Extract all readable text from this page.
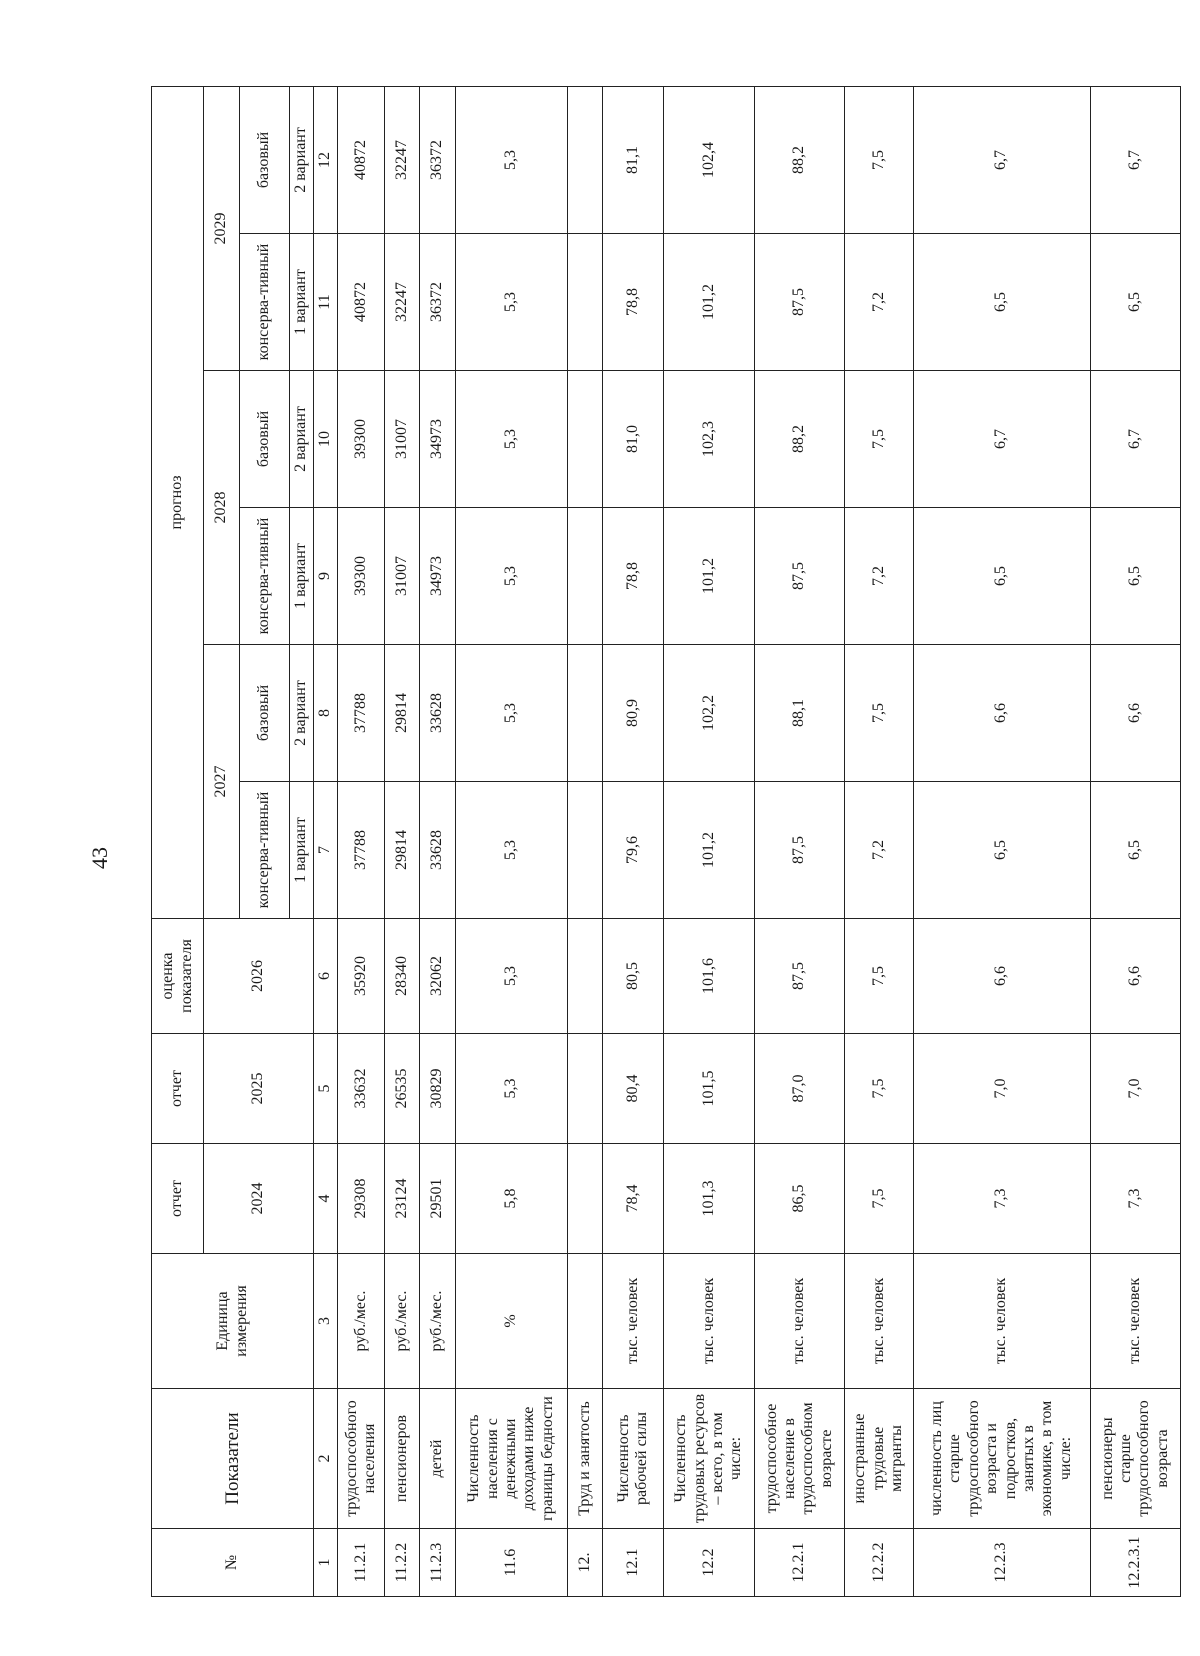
43
№	Показатели	Единица измерения	отчет	отчет	оценка показателя	прогноз					
			2024	2025	2026	2027		2028		2029	
						консерва-тивный	базовый	консерва-тивный	базовый	консерва-тивный	базовый
						1 вариант	2 вариант	1 вариант	2 вариант	1 вариант	2 вариант
1	2	3	4	5	6	7	8	9	10	11	12
11.2.1	трудоспособного населения	руб./мес.	29308	33632	35920	37788	37788	39300	39300	40872	40872
11.2.2	пенсионеров	руб./мес.	23124	26535	28340	29814	29814	31007	31007	32247	32247
11.2.3	детей	руб./мес.	29501	30829	32062	33628	33628	34973	34973	36372	36372
11.6	Численность населения с денежными доходами ниже границы бедности	%	5,8	5,3	5,3	5,3	5,3	5,3	5,3	5,3	5,3
12.	Труд и занятость										
12.1	Численность рабочей силы	тыс. человек	78,4	80,4	80,5	79,6	80,9	78,8	81,0	78,8	81,1
12.2	Численность трудовых ресурсов – всего, в том числе:	тыс. человек	101,3	101,5	101,6	101,2	102,2	101,2	102,3	101,2	102,4
12.2.1	трудоспособное население в трудоспособном возрасте	тыс. человек	86,5	87,0	87,5	87,5	88,1	87,5	88,2	87,5	88,2
12.2.2	иностранные трудовые мигранты	тыс. человек	7,5	7,5	7,5	7,2	7,5	7,2	7,5	7,2	7,5
12.2.3	численность лиц старше трудоспособного возраста и подростков, занятых в экономике, в том числе:	тыс. человек	7,3	7,0	6,6	6,5	6,6	6,5	6,7	6,5	6,7
12.2.3.1	пенсионеры старше трудоспособного возраста	тыс. человек	7,3	7,0	6,6	6,5	6,6	6,5	6,7	6,5	6,7
